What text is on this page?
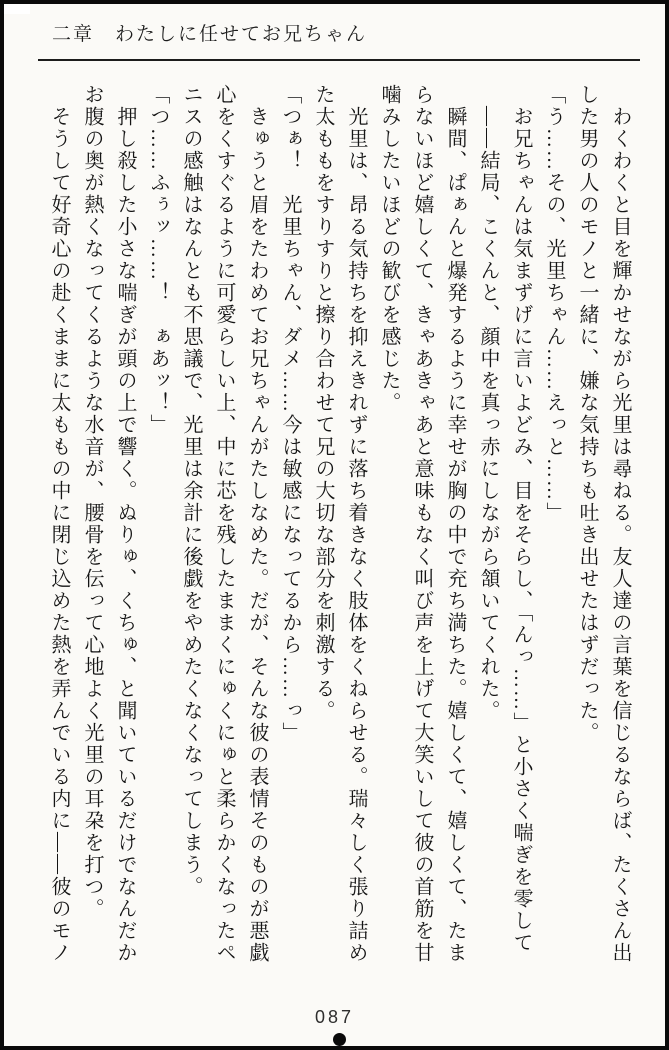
二章　わたしに任せてお兄ちゃん

わくわくと目を輝かせながら光里は尋ねる。友人達の言葉を信じるならば、たくさん出

した男の人のモノと一緒に、嫌な気持ちも吐き出せたはずだった。

「う……その、光里ちゃん……えっと……」

お兄ちゃんは気まずげに言いよどみ、目をそらし、「んっ……」と小さく喘ぎを零して

――結局、こくんと、顔中を真っ赤にしながら頷いてくれた。

瞬間、ぱぁんと爆発するように幸せが胸の中で充ち満ちた。嬉しくて、嬉しくて、たま

らないほど嬉しくて、きゃあきゃあと意味もなく叫び声を上げて大笑いして彼の首筋を甘

噛みしたいほどの歓びを感じた。

光里は、昂る気持ちを抑えきれずに落ち着きなく肢体をくねらせる。瑞々しく張り詰め

た太ももをすりすりと擦り合わせて兄の大切な部分を刺激する。

「つぁ！　光里ちゃん、ダメ……今は敏感になってるから……っ」

きゅうと眉をたわめてお兄ちゃんがたしなめた。だが、そんな彼の表情そのものが悪戯

心をくすぐるように可愛らしい上、中に芯を残したままくにゅくにゅと柔らかくなったペ

ニスの感触はなんとも不思議で、光里は余計に後戯をやめたくなくなってしまう。

「つ……ふぅッ……！　ぁあッ！」

押し殺した小さな喘ぎが頭の上で響く。ぬりゅ、くちゅ、と聞いているだけでなんだか

お腹の奥が熱くなってくるような水音が、腰骨を伝って心地よく光里の耳朶を打つ。

そうして好奇心の赴くままに太ももの中に閉じ込めた熱を弄んでいる内に――彼のモノ

087
